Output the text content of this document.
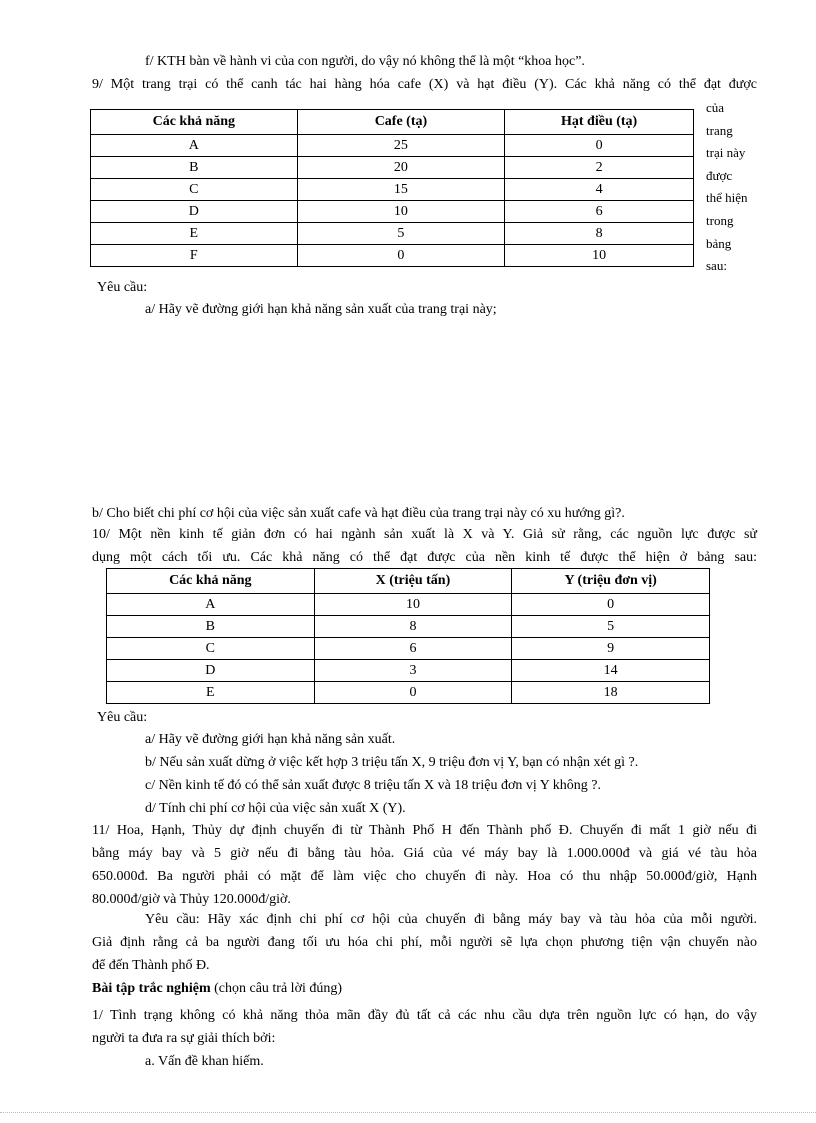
f/ KTH bàn về hành vi của con người, do vậy nó không thể là một “khoa học”.
9/ Một trang trại có thể canh tác hai hàng hóa cafe (X) và hạt điều (Y). Các khả năng có thể đạt được
Các khả năng	Cafe (tạ)	Hạt điều (tạ)
A	25	0
B	20	2
C	15	4
D	10	6
E	5	8
F	0	10
của
trang
trại này
được
thể hiện
trong
bảng
sau:
Yêu cầu:
a/ Hãy vẽ đường giới hạn khả năng sản xuất của trang trại này;
b/ Cho biết chi phí cơ hội của việc sản xuất cafe và hạt điều của trang trại này có xu hướng gì?.
10/ Một nền kinh tế giản đơn có hai ngành sản xuất là X và Y. Giả sử rằng, các nguồn lực được sử
dụng một cách tối ưu. Các khả năng có thể đạt được của nền kinh tế được thể hiện ở bảng sau:
Các khả năng	X (triệu tấn)	Y (triệu đơn vị)
A	10	0
B	8	5
C	6	9
D	3	14
E	0	18
Yêu cầu:
a/ Hãy vẽ đường giới hạn khả năng sản xuất.
b/ Nếu sản xuất dừng ở việc kết hợp 3 triệu tấn X, 9 triệu đơn vị Y, bạn có nhận xét gì ?.
c/ Nền kinh tế đó có thể sản xuất được 8 triệu tấn X và 18 triệu đơn vị Y không ?.
d/ Tính chi phí cơ hội của việc sản xuất X (Y).
11/ Hoa, Hạnh, Thủy dự định chuyến đi từ Thành Phố H đến Thành phố Đ. Chuyến đi mất 1 giờ nếu đi
bằng máy bay và 5 giờ nếu đi bằng tàu hỏa. Giá của vé máy bay là 1.000.000đ và giá vé tàu hỏa
650.000đ. Ba người phải có mặt để làm việc cho chuyến đi này. Hoa có thu nhập 50.000đ/giờ, Hạnh
80.000đ/giờ và Thủy 120.000đ/giờ.
Yêu cầu: Hãy xác định chi phí cơ hội của chuyến đi bằng máy bay và tàu hỏa của mỗi người.
Giả định rằng cả ba người đang tối ưu hóa chi phí, mỗi người sẽ lựa chọn phương tiện vận chuyển nào
để đến Thành phố Đ.
Bài tập trắc nghiệm (chọn câu trả lời đúng)
1/ Tình trạng không có khả năng thỏa mãn đầy đủ tất cả các nhu cầu dựa trên nguồn lực có hạn, do vậy
người ta đưa ra sự giải thích bởi:
a. Vấn đề khan hiếm.
